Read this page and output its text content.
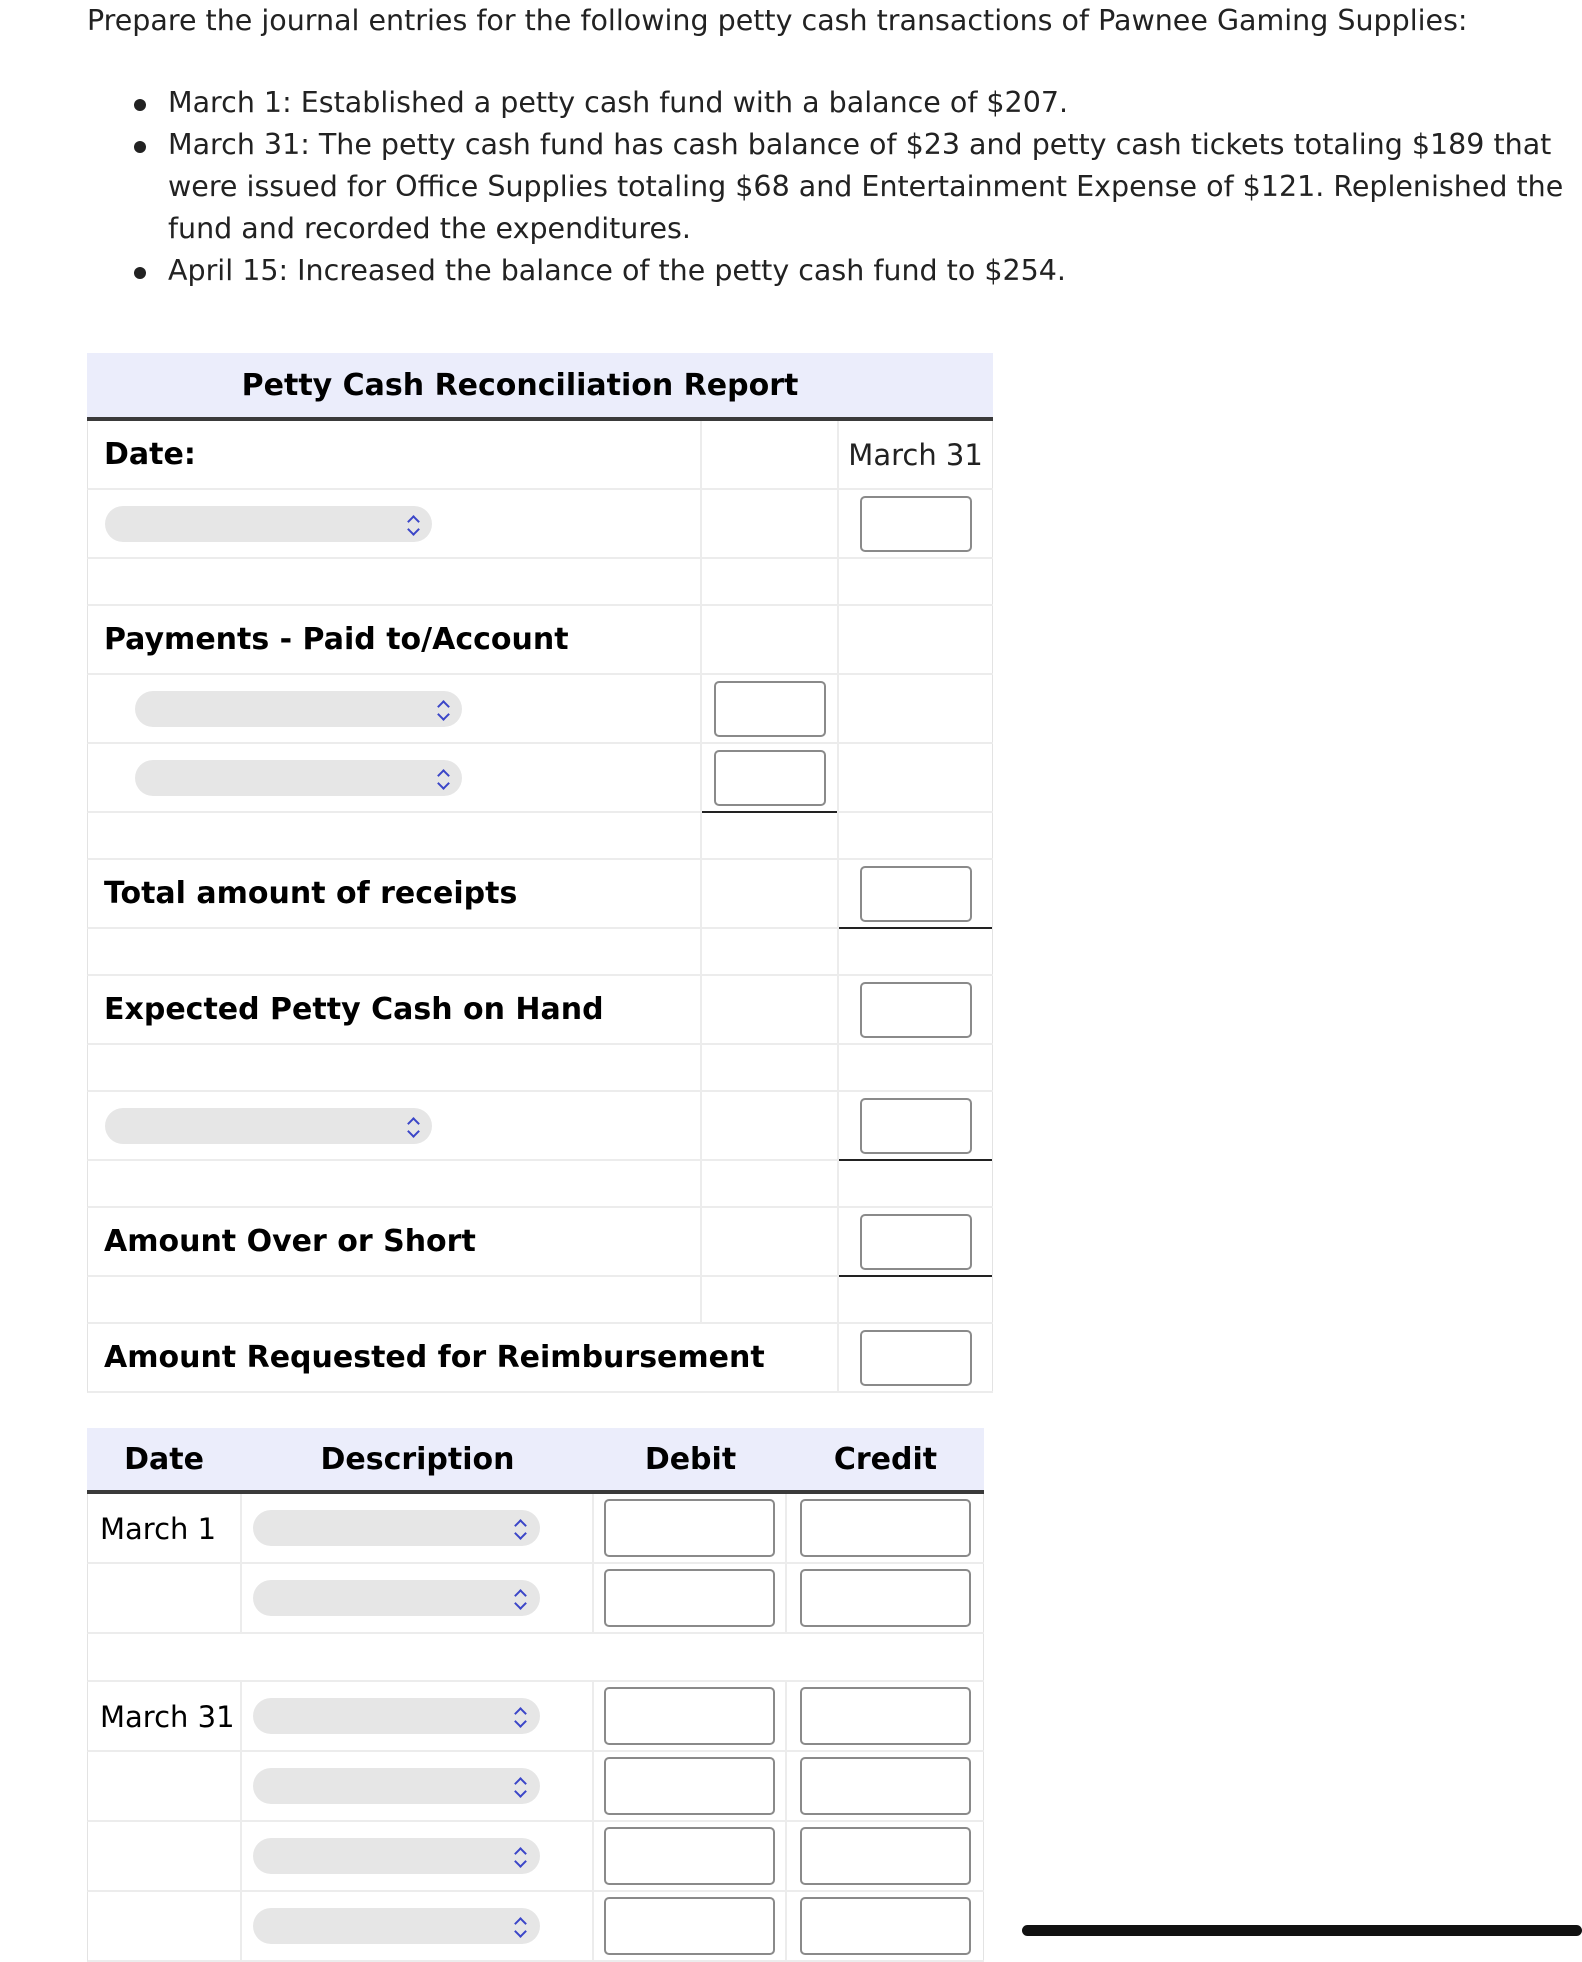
Prepare the journal entries for the following petty cash transactions of Pawnee Gaming Supplies:

March 1: Established a petty cash fund with a balance of $207.
March 31: The petty cash fund has cash balance of $23 and petty cash tickets totaling $189 that were issued for Office Supplies totaling $68 and Entertainment Expense of $121. Replenished the fund and recorded the expenditures.
April 15: Increased the balance of the petty cash fund to $254.
Petty Cash Reconciliation Report
Date:	March 31
Payments - Paid to/Account
Total amount of receipts
Expected Petty Cash on Hand
Amount Over or Short
Amount Requested for Reimbursement
Date	Description	Debit	Credit
March 1
March 31
